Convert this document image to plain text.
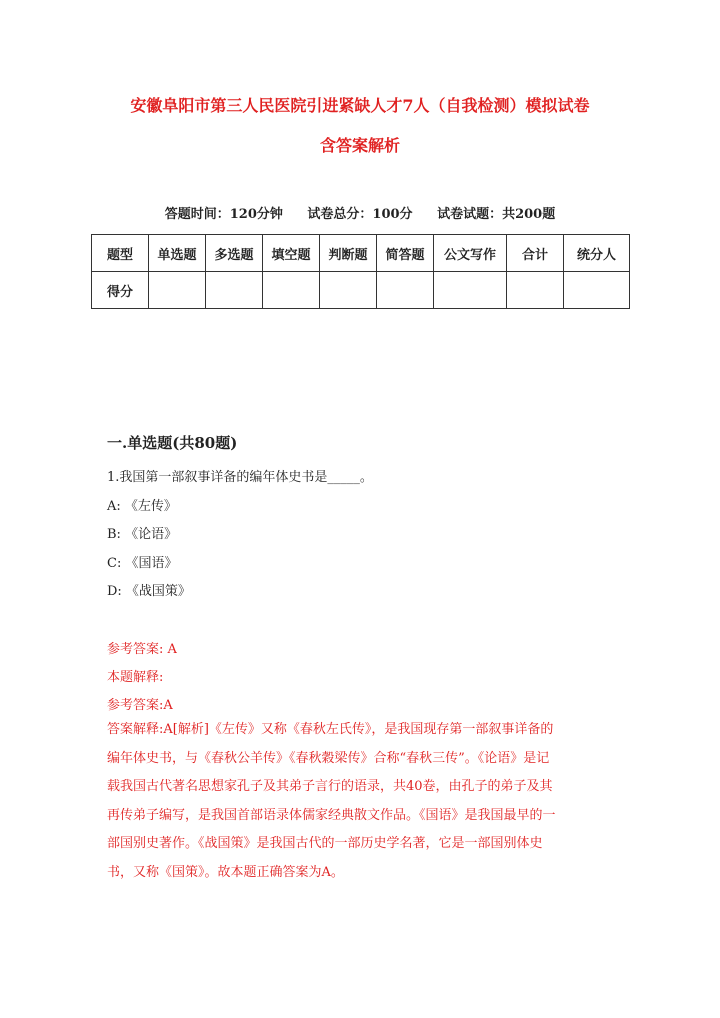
安徽阜阳市第三人民医院引进紧缺人才7人（自我检测）模拟试卷
含答案解析
答题时间：120分钟 试卷总分：100分 试卷试题：共200题
题型	单选题	多选题	填空题	判断题	简答题	公文写作	合计	统分人
得分								
一.单选题(共80题)
1.我国第一部叙事详备的编年体史书是_____。
A: 《左传》
B: 《论语》
C: 《国语》
D: 《战国策》
参考答案: A
本题解释:
参考答案:A
答案解释:A[解析]《左传》又称《春秋左氏传》，是我国现存第一部叙事详备的
编年体史书，与《春秋公羊传》《春秋穀梁传》合称“春秋三传”。《论语》是记
载我国古代著名思想家孔子及其弟子言行的语录，共40卷，由孔子的弟子及其
再传弟子编写，是我国首部语录体儒家经典散文作品。《国语》是我国最早的一
部国别史著作。《战国策》是我国古代的一部历史学名著，它是一部国别体史
书，又称《国策》。故本题正确答案为A。
